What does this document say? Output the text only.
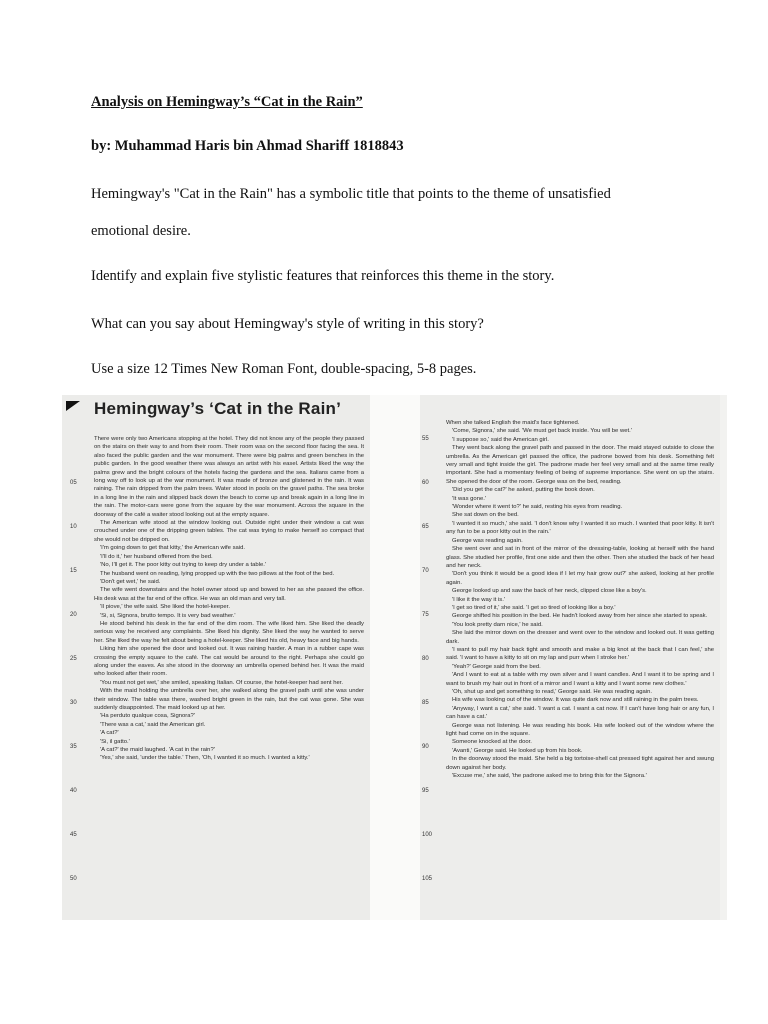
Analysis on Hemingway’s “Cat in the Rain”
by: Muhammad Haris bin Ahmad Shariff 1818843
Hemingway's "Cat in the Rain" has a symbolic title that points to the theme of unsatisfied
emotional desire.
Identify and explain five stylistic features that reinforces this theme in the story.
What can you say about Hemingway's style of writing in this story?
Use a size 12 Times New Roman Font, double-spacing, 5-8 pages.
Hemingway’s ‘Cat in the Rain’

There were only two Americans stopping at the hotel. They did not know any of the people they passed on the stairs on their way to and from their room. Their room was on the second floor facing the sea. It also faced the public garden and the war monument. There were big palms and green benches in the public garden. In the good weather there was always an artist with his easel. Artists liked the way the palms grew and the bright colours of the hotels facing the gardens and the sea. Italians came from a long way off to look up at the war monument. It was made of bronze and glistened in the rain. It was raining. The rain dripped from the palm trees. Water stood in pools on the gravel paths. The sea broke in a long line in the rain and slipped back down the beach to come up and break again in a long line in the rain. The motor-cars were gone from the square by the war monument. Across the square in the doorway of the café a waiter stood looking out at the empty square.

The American wife stood at the window looking out. Outside right under their window a cat was crouched under one of the dripping green tables. The cat was trying to make herself so compact that she would not be dripped on.

'I'm going down to get that kitty,' the American wife said.

'I'll do it,' her husband offered from the bed.

'No, I'll get it. The poor kitty out trying to keep dry under a table.'

The husband went on reading, lying propped up with the two pillows at the foot of the bed.

'Don't get wet,' he said.

The wife went downstairs and the hotel owner stood up and bowed to her as she passed the office. His desk was at the far end of the office. He was an old man and very tall.

'Il piove,' the wife said. She liked the hotel-keeper.

'Si, si, Signora, brutto tempo. It is very bad weather.'

He stood behind his desk in the far end of the dim room. The wife liked him. She liked the deadly serious way he received any complaints. She liked his dignity. She liked the way he wanted to serve her. She liked the way he felt about being a hotel-keeper. She liked his old, heavy face and big hands.

Liking him she opened the door and looked out. It was raining harder. A man in a rubber cape was crossing the empty square to the café. The cat would be around to the right. Perhaps she could go along under the eaves. As she stood in the doorway an umbrella opened behind her. It was the maid who looked after their room.

'You must not get wet,' she smiled, speaking Italian. Of course, the hotel-keeper had sent her.

With the maid holding the umbrella over her, she walked along the gravel path until she was under their window. The table was there, washed bright green in the rain, but the cat was gone. She was suddenly disappointed. The maid looked up at her.

'Ha perduto qualque cosa, Signora?'

'There was a cat,' said the American girl.

'A cat?'

'Si, il gatto.'

'A cat?' the maid laughed. 'A cat in the rain?'

'Yes,' she said, 'under the table.' Then, 'Oh, I wanted it so much. I wanted a kitty.'

When she talked English the maid's face tightened.

'Come, Signora,' she said. 'We must get back inside. You will be wet.'

'I suppose so,' said the American girl.

They went back along the gravel path and passed in the door. The maid stayed outside to close the umbrella. As the American girl passed the office, the padrone bowed from his desk. Something felt very small and tight inside the girl. The padrone made her feel very small and at the same time really important. She had a momentary feeling of being of supreme importance. She went on up the stairs. She opened the door of the room. George was on the bed, reading.

'Did you get the cat?' he asked, putting the book down.

'It was gone.'

'Wonder where it went to?' he said, resting his eyes from reading.

She sat down on the bed.

'I wanted it so much,' she said. 'I don't know why I wanted it so much. I wanted that poor kitty. It isn't any fun to be a poor kitty out in the rain.'

George was reading again.

She went over and sat in front of the mirror of the dressing-table, looking at herself with the hand glass. She studied her profile, first one side and then the other. Then she studied the back of her head and her neck.

'Don't you think it would be a good idea if I let my hair grow out?' she asked, looking at her profile again.

George looked up and saw the back of her neck, clipped close like a boy's.

'I like it the way it is.'

'I get so tired of it,' she said. 'I get so tired of looking like a boy.'

George shifted his position in the bed. He hadn't looked away from her since she started to speak.

'You look pretty darn nice,' he said.

She laid the mirror down on the dresser and went over to the window and looked out. It was getting dark.

'I want to pull my hair back tight and smooth and make a big knot at the back that I can feel,' she said. 'I want to have a kitty to sit on my lap and purr when I stroke her.'

'Yeah?' George said from the bed.

'And I want to eat at a table with my own silver and I want candles. And I want it to be spring and I want to brush my hair out in front of a mirror and I want a kitty and I want some new clothes.'

'Oh, shut up and get something to read,' George said. He was reading again.

His wife was looking out of the window. It was quite dark now and still raining in the palm trees.

'Anyway, I want a cat,' she said. 'I want a cat. I want a cat now. If I can't have long hair or any fun, I can have a cat.'

George was not listening. He was reading his book. His wife looked out of the window where the light had come on in the square.

Someone knocked at the door.

'Avanti,' George said. He looked up from his book.

In the doorway stood the maid. She held a big tortoise-shell cat pressed tight against her and swung down against her body.

'Excuse me,' she said, 'the padrone asked me to bring this for the Signora.'

05
10
15
20
25
30
35
40
45
50
55
60
65
70
75
80
85
90
95
100
105
